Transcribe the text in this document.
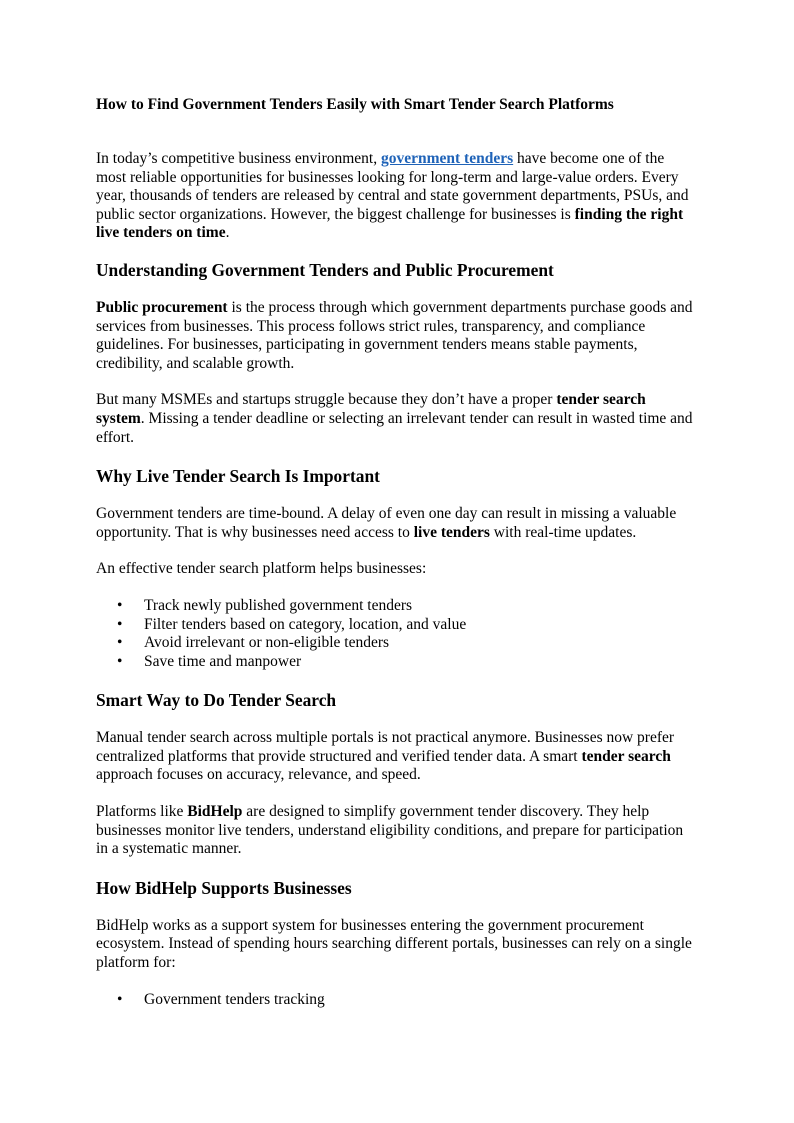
How to Find Government Tenders Easily with Smart Tender Search Platforms

In today’s competitive business environment, government tenders have become one of the most reliable opportunities for businesses looking for long-term and large-value orders. Every year, thousands of tenders are released by central and state government departments, PSUs, and public sector organizations. However, the biggest challenge for businesses is finding the right live tenders on time.

Understanding Government Tenders and Public Procurement

Public procurement is the process through which government departments purchase goods and services from businesses. This process follows strict rules, transparency, and compliance guidelines. For businesses, participating in government tenders means stable payments, credibility, and scalable growth.

But many MSMEs and startups struggle because they don’t have a proper tender search system. Missing a tender deadline or selecting an irrelevant tender can result in wasted time and effort.

Why Live Tender Search Is Important

Government tenders are time-bound. A delay of even one day can result in missing a valuable opportunity. That is why businesses need access to live tenders with real-time updates.

An effective tender search platform helps businesses:

• Track newly published government tenders
• Filter tenders based on category, location, and value
• Avoid irrelevant or non-eligible tenders
• Save time and manpower
Smart Way to Do Tender Search

Manual tender search across multiple portals is not practical anymore. Businesses now prefer centralized platforms that provide structured and verified tender data. A smart tender search approach focuses on accuracy, relevance, and speed.

Platforms like BidHelp are designed to simplify government tender discovery. They help businesses monitor live tenders, understand eligibility conditions, and prepare for participation in a systematic manner.

How BidHelp Supports Businesses

BidHelp works as a support system for businesses entering the government procurement ecosystem. Instead of spending hours searching different portals, businesses can rely on a single platform for:

• Government tenders tracking
